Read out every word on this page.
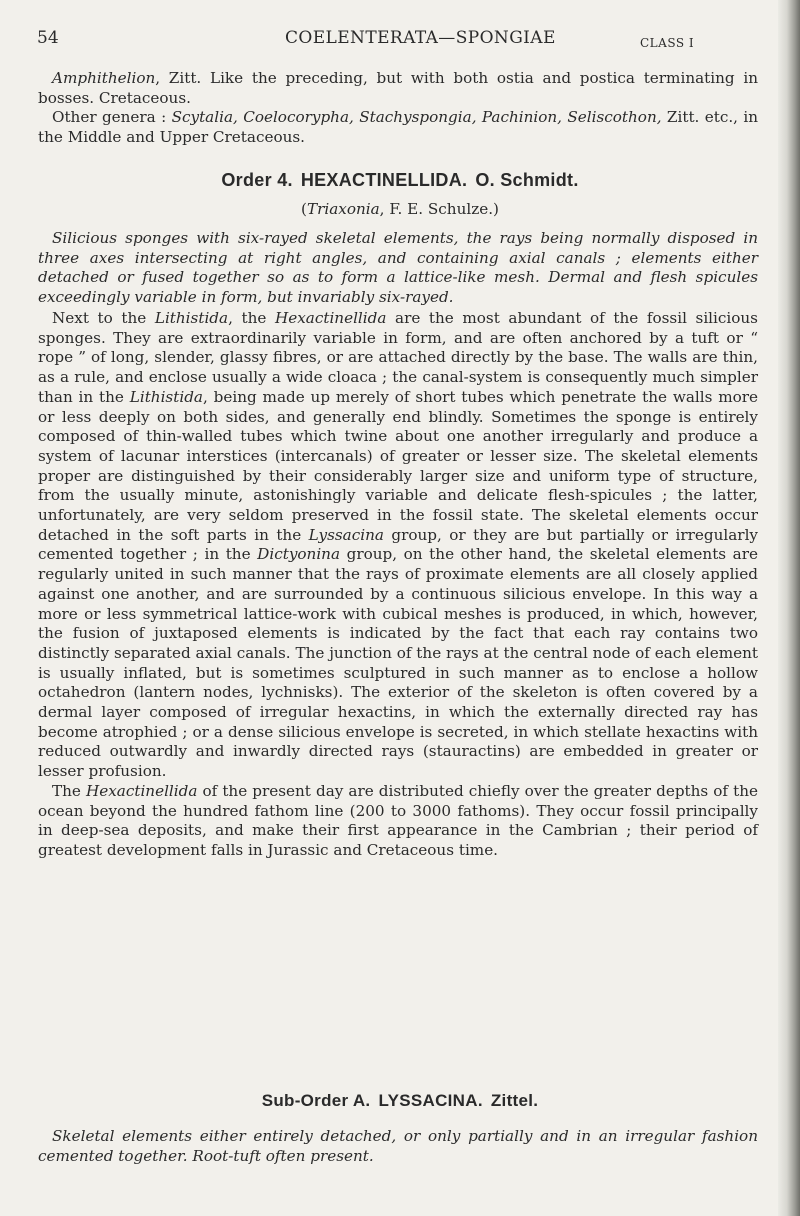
54	COELENTERATA—SPONGIAE	CLASS I

Amphithelion, Zitt. Like the preceding, but with both ostia and postica terminating in bosses. Cretaceous.

Other genera : Scytalia, Coelocorypha, Stachyspongia, Pachinion, Seliscothon, Zitt. etc., in the Middle and Upper Cretaceous.

Order 4. HEXACTINELLIDA. O. Schmidt.
(Triaxonia, F. E. Schulze.)

Silicious sponges with six-rayed skeletal elements, the rays being normally disposed in three axes intersecting at right angles, and containing axial canals ; elements either detached or fused together so as to form a lattice-like mesh. Dermal and flesh spicules exceedingly variable in form, but invariably six-rayed.

Next to the Lithistida, the Hexactinellida are the most abundant of the fossil silicious sponges. They are extraordinarily variable in form, and are often anchored by a tuft or “ rope ” of long, slender, glassy fibres, or are attached directly by the base. The walls are thin, as a rule, and enclose usually a wide cloaca ; the canal-system is consequently much simpler than in the Lithistida, being made up merely of short tubes which penetrate the walls more or less deeply on both sides, and generally end blindly. Sometimes the sponge is entirely composed of thin-walled tubes which twine about one another irregularly and produce a system of lacunar interstices (intercanals) of greater or lesser size. The skeletal elements proper are distinguished by their considerably larger size and uniform type of structure, from the usually minute, astonishingly variable and delicate flesh-spicules ; the latter, unfortunately, are very seldom preserved in the fossil state. The skeletal elements occur detached in the soft parts in the Lyssacina group, or they are but partially or irregularly cemented together ; in the Dictyonina group, on the other hand, the skeletal elements are regularly united in such manner that the rays of proximate elements are all closely applied against one another, and are surrounded by a continuous silicious envelope. In this way a more or less symmetrical lattice-work with cubical meshes is produced, in which, however, the fusion of juxtaposed elements is indicated by the fact that each ray contains two distinctly separated axial canals. The junction of the rays at the central node of each element is usually inflated, but is sometimes sculptured in such manner as to enclose a hollow octahedron (lantern nodes, lychnisks). The exterior of the skeleton is often covered by a dermal layer composed of irregular hexactins, in which the externally directed ray has become atrophied ; or a dense silicious envelope is secreted, in which stellate hexactins with reduced outwardly and inwardly directed rays (stauractins) are embedded in greater or lesser profusion.

The Hexactinellida of the present day are distributed chiefly over the greater depths of the ocean beyond the hundred fathom line (200 to 3000 fathoms). They occur fossil principally in deep-sea deposits, and make their first appearance in the Cambrian ; their period of greatest development falls in Jurassic and Cretaceous time.

Sub-Order A. LYSSACINA. Zittel.

Skeletal elements either entirely detached, or only partially and in an irregular fashion cemented together. Root-tuft often present.
